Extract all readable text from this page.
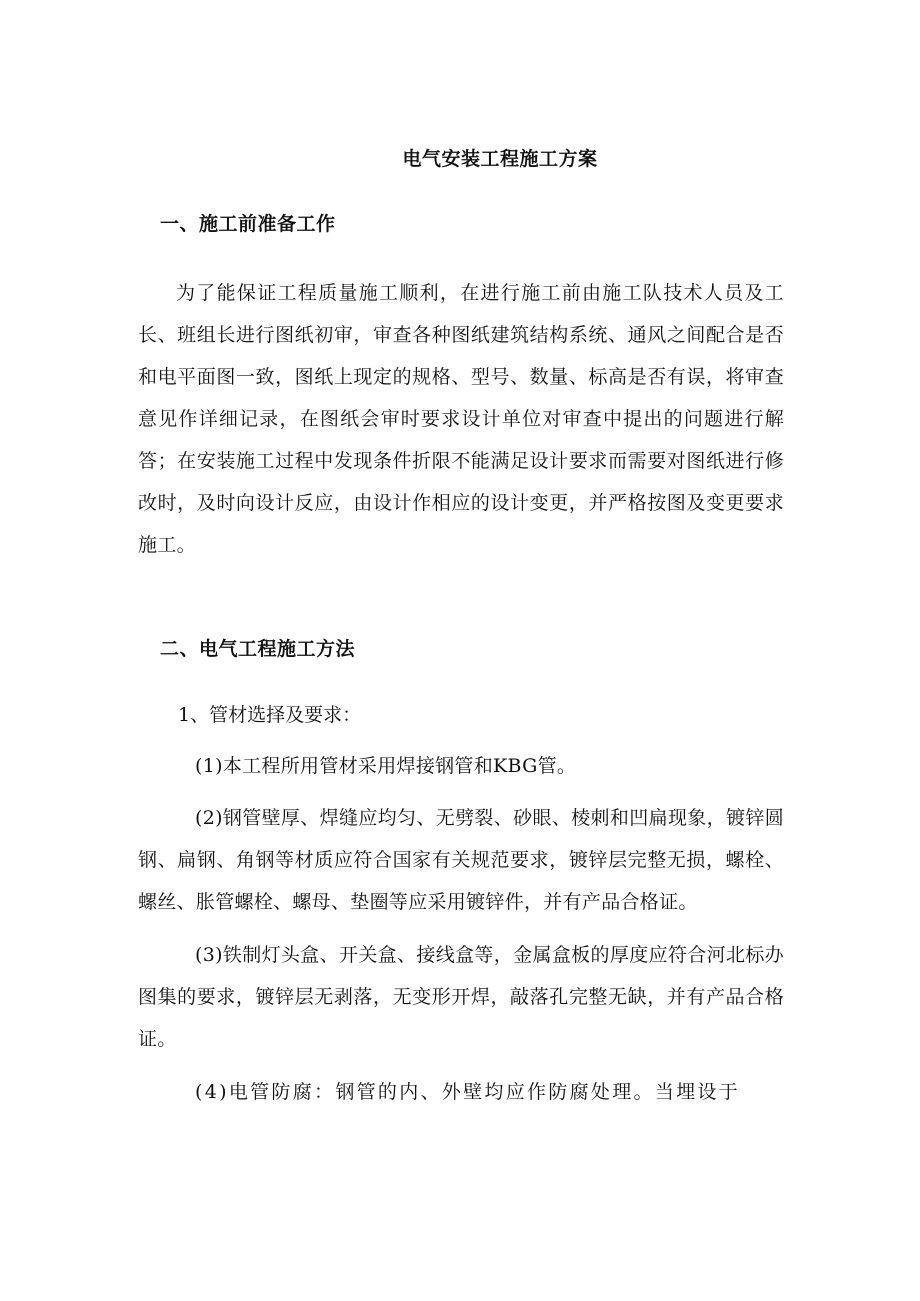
电气安装工程施工方案
一、施工前准备工作
为了能保证工程质量施工顺利，在进行施工前由施工队技术人员及工长、班组长进行图纸初审，审查各种图纸建筑结构系统、通风之间配合是否和电平面图一致，图纸上现定的规格、型号、数量、标高是否有误，将审查意见作详细记录，在图纸会审时要求设计单位对审查中提出的问题进行解答；在安装施工过程中发现条件折限不能满足设计要求而需要对图纸进行修改时，及时向设计反应，由设计作相应的设计变更，并严格按图及变更要求施工。
二、电气工程施工方法
1、管材选择及要求：
(1)本工程所用管材采用焊接钢管和KBG管。
(2)钢管壁厚、焊缝应均匀、无劈裂、砂眼、棱刺和凹扁现象，镀锌圆钢、扁钢、角钢等材质应符合国家有关规范要求，镀锌层完整无损，螺栓、螺丝、胀管螺栓、螺母、垫圈等应采用镀锌件，并有产品合格证。
(3)铁制灯头盒、开关盒、接线盒等，金属盒板的厚度应符合河北标办图集的要求，镀锌层无剥落，无变形开焊，敲落孔完整无缺，并有产品合格证。
(4)电管防腐：钢管的内、外壁均应作防腐处理。当埋设于
